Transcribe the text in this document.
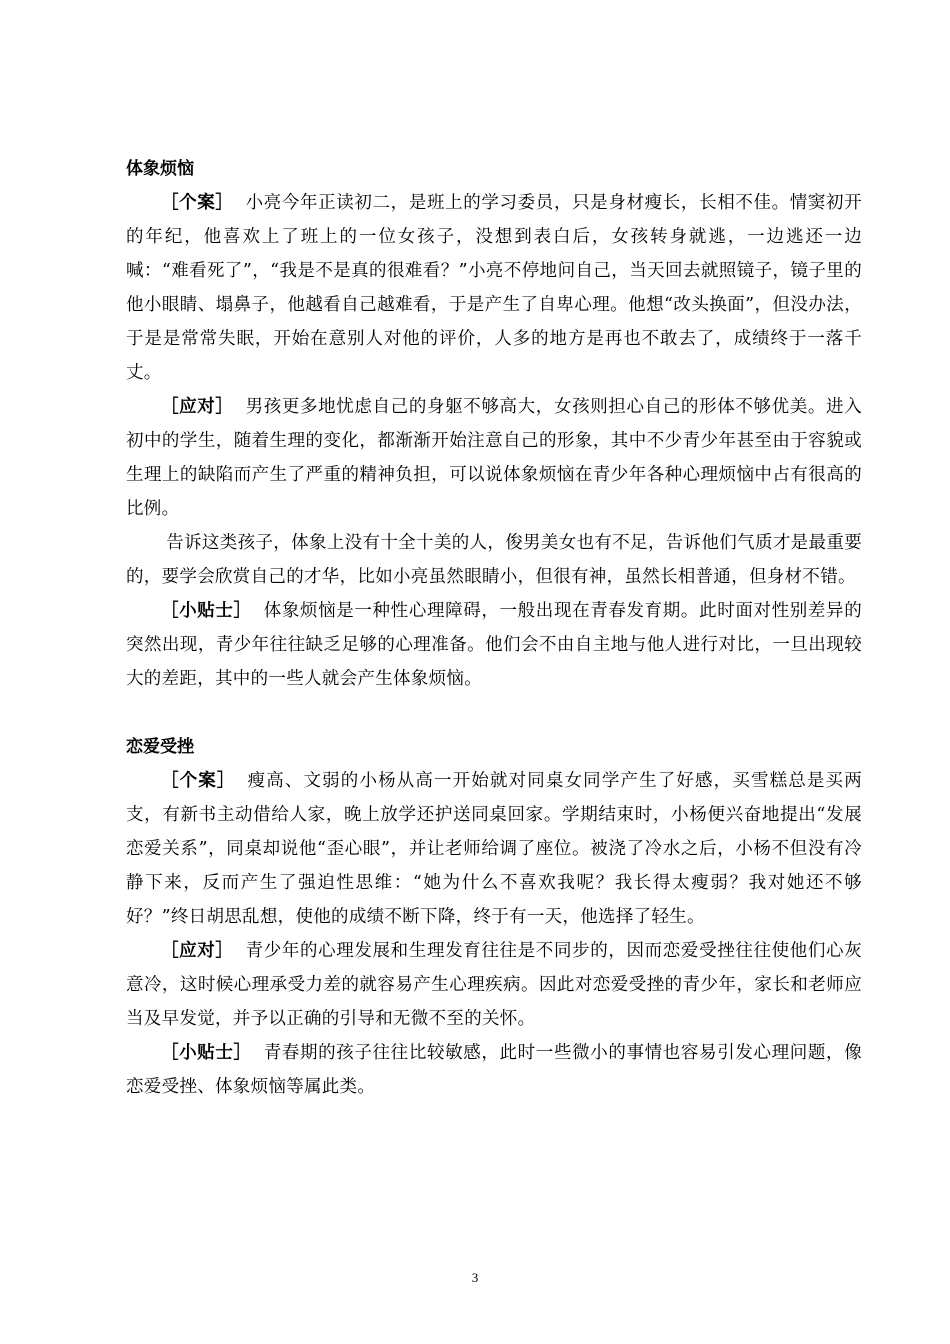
体象烦恼

［个案］ 小亮今年正读初二，是班上的学习委员，只是身材瘦长，长相不佳。情窦初开的年纪，他喜欢上了班上的一位女孩子，没想到表白后，女孩转身就逃，一边逃还一边喊：“难看死了”，“我是不是真的很难看？”小亮不停地问自己，当天回去就照镜子，镜子里的他小眼睛、塌鼻子，他越看自己越难看，于是产生了自卑心理。他想“改头换面”，但没办法，于是是常常失眠，开始在意别人对他的评价，人多的地方是再也不敢去了，成绩终于一落千丈。

［应对］ 男孩更多地忧虑自己的身躯不够高大，女孩则担心自己的形体不够优美。进入初中的学生，随着生理的变化，都渐渐开始注意自己的形象，其中不少青少年甚至由于容貌或生理上的缺陷而产生了严重的精神负担，可以说体象烦恼在青少年各种心理烦恼中占有很高的比例。

告诉这类孩子，体象上没有十全十美的人，俊男美女也有不足，告诉他们气质才是最重要的，要学会欣赏自己的才华，比如小亮虽然眼睛小，但很有神，虽然长相普通，但身材不错。

［小贴士］ 体象烦恼是一种性心理障碍，一般出现在青春发育期。此时面对性别差异的突然出现，青少年往往缺乏足够的心理准备。他们会不由自主地与他人进行对比，一旦出现较大的差距，其中的一些人就会产生体象烦恼。

恋爱受挫

［个案］ 瘦高、文弱的小杨从高一开始就对同桌女同学产生了好感，买雪糕总是买两支，有新书主动借给人家，晚上放学还护送同桌回家。学期结束时，小杨便兴奋地提出“发展恋爱关系”，同桌却说他“歪心眼”，并让老师给调了座位。被浇了冷水之后，小杨不但没有冷静下来，反而产生了强迫性思维：“她为什么不喜欢我呢？我长得太瘦弱？我对她还不够好？”终日胡思乱想，使他的成绩不断下降，终于有一天，他选择了轻生。

［应对］ 青少年的心理发展和生理发育往往是不同步的，因而恋爱受挫往往使他们心灰意冷，这时候心理承受力差的就容易产生心理疾病。因此对恋爱受挫的青少年，家长和老师应当及早发觉，并予以正确的引导和无微不至的关怀。

［小贴士］ 青春期的孩子往往比较敏感，此时一些微小的事情也容易引发心理问题，像恋爱受挫、体象烦恼等属此类。

3
